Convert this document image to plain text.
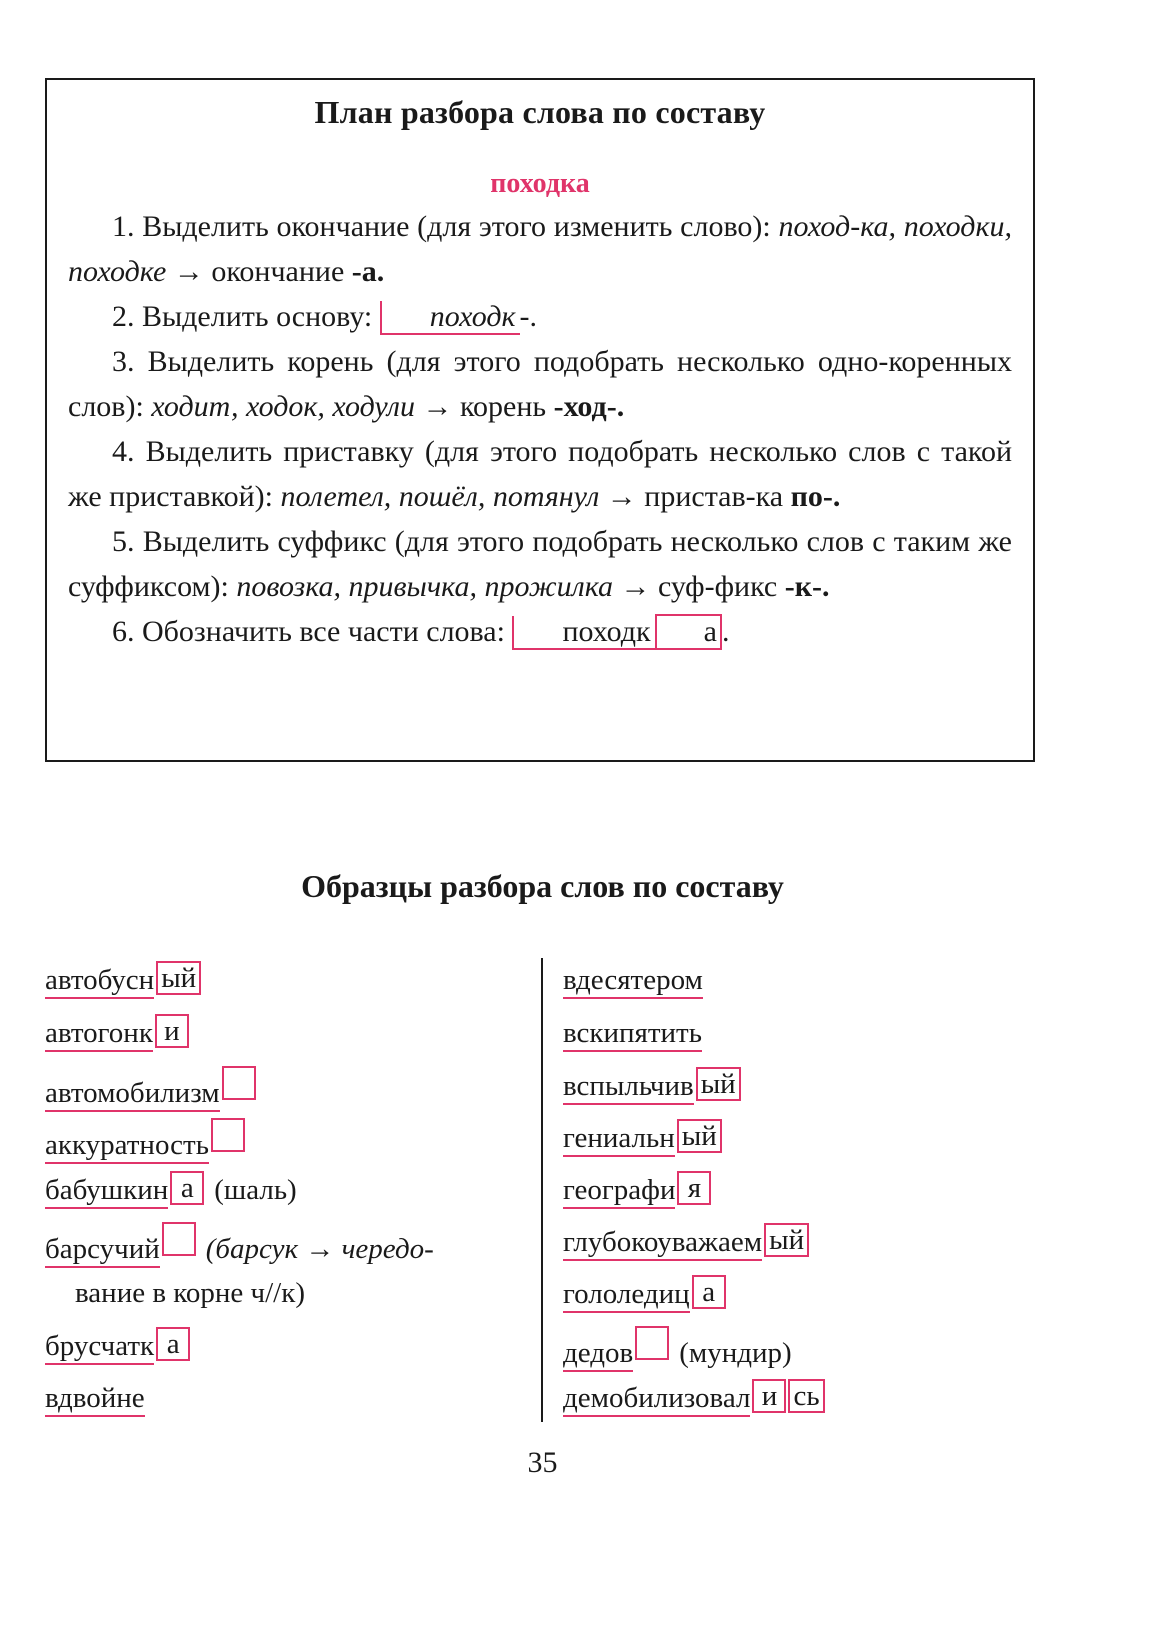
План разбора слова по составу
походка

1. Выделить окончание (для этого изменить слово): поход-ка, походки, походке → окончание -а.

2. Выделить основу: походк -.

3. Выделить корень (для этого подобрать несколько одно-коренных слов): ходит, ходок, ходули → корень -ход-.

4. Выделить приставку (для этого подобрать несколько слов с такой же приставкой): полетел, пошёл, потянул → пристав-ка по-.

5. Выделить суффикс (для этого подобрать несколько слов с таким же суффиксом): повозка, привычка, прожилка → суф-фикс -к-.

6. Обозначить все части слова: походк а .

Образцы разбора слов по составу
автобусн ый
автогонк и
автомобилизм
аккуратность
бабушкин а (шаль)
барсучий (барсук → чередо-
вание в корне ч//к)
брусчатк а
вдвойне
вдесятером
вскипятить
вспыльчив ый
гениальн ый
географи я
глубокоуважаем ый
гололедиц а
дедов (мундир)
демобилизовал и сь
35
